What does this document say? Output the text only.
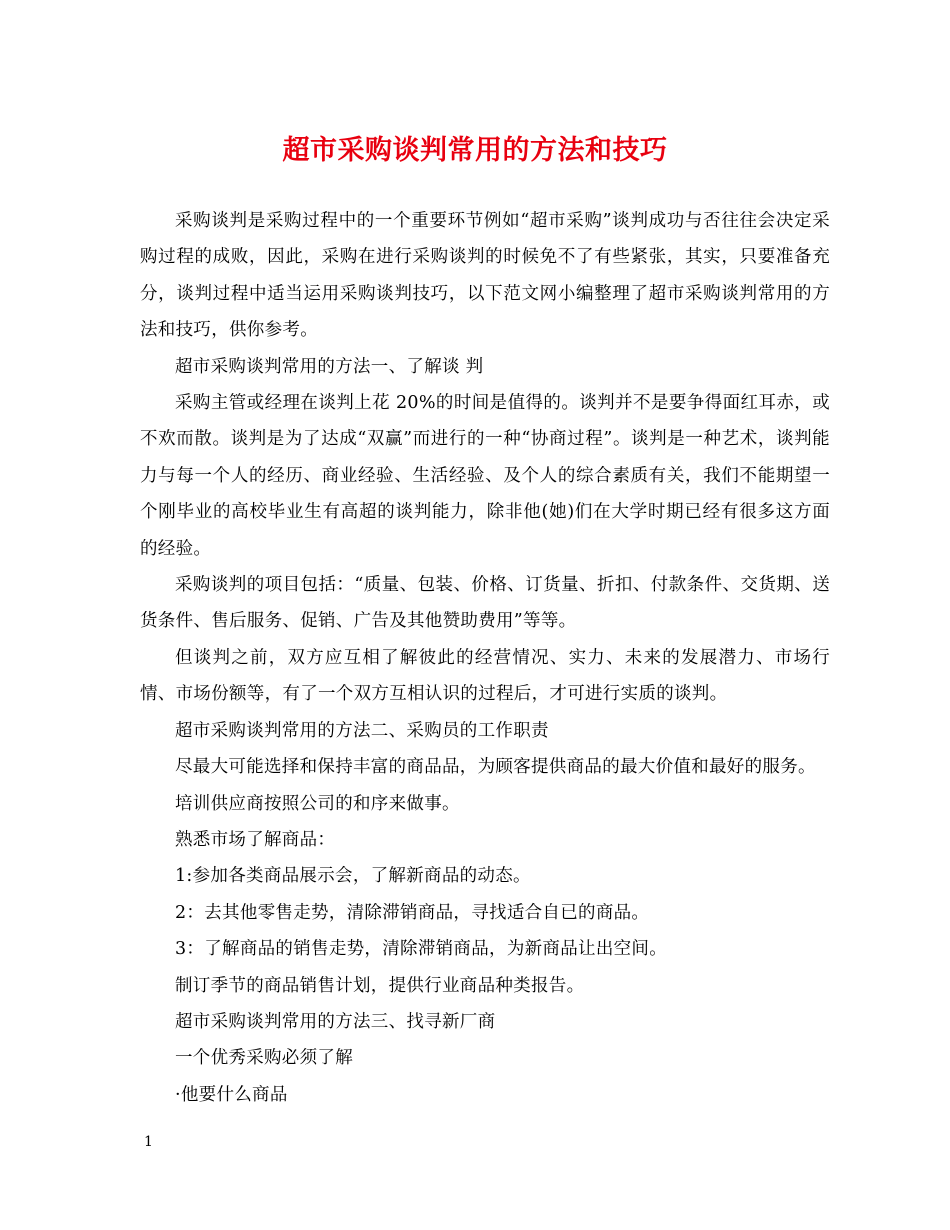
超市采购谈判常用的方法和技巧

采购谈判是采购过程中的一个重要环节例如“超市采购”谈判成功与否往往会决定采购过程的成败，因此，采购在进行采购谈判的时候免不了有些紧张，其实，只要准备充分，谈判过程中适当运用采购谈判技巧，以下范文网小编整理了超市采购谈判常用的方法和技巧，供你参考。

超市采购谈判常用的方法一、了解谈 判

采购主管或经理在谈判上花 20%的时间是值得的。谈判并不是要争得面红耳赤，或不欢而散。谈判是为了达成“双赢”而进行的一种“协商过程”。谈判是一种艺术，谈判能力与每一个人的经历、商业经验、生活经验、及个人的综合素质有关，我们不能期望一个刚毕业的高校毕业生有高超的谈判能力，除非他(她)们在大学时期已经有很多这方面的经验。

采购谈判的项目包括：“质量、包装、价格、订货量、折扣、付款条件、交货期、送货条件、售后服务、促销、广告及其他赞助费用”等等。

但谈判之前，双方应互相了解彼此的经营情况、实力、未来的发展潜力、市场行情、市场份额等，有了一个双方互相认识的过程后，才可进行实质的谈判。

超市采购谈判常用的方法二、采购员的工作职责

尽最大可能选择和保持丰富的商品品，为顾客提供商品的最大价值和最好的服务。

培训供应商按照公司的和序来做事。

熟悉市场了解商品：

1:参加各类商品展示会，了解新商品的动态。

2：去其他零售走势，清除滞销商品，寻找适合自已的商品。

3：了解商品的销售走势，清除滞销商品，为新商品让出空间。

制订季节的商品销售计划，提供行业商品种类报告。

超市采购谈判常用的方法三、找寻新厂商

一个优秀采购必须了解

·他要什么商品

1
